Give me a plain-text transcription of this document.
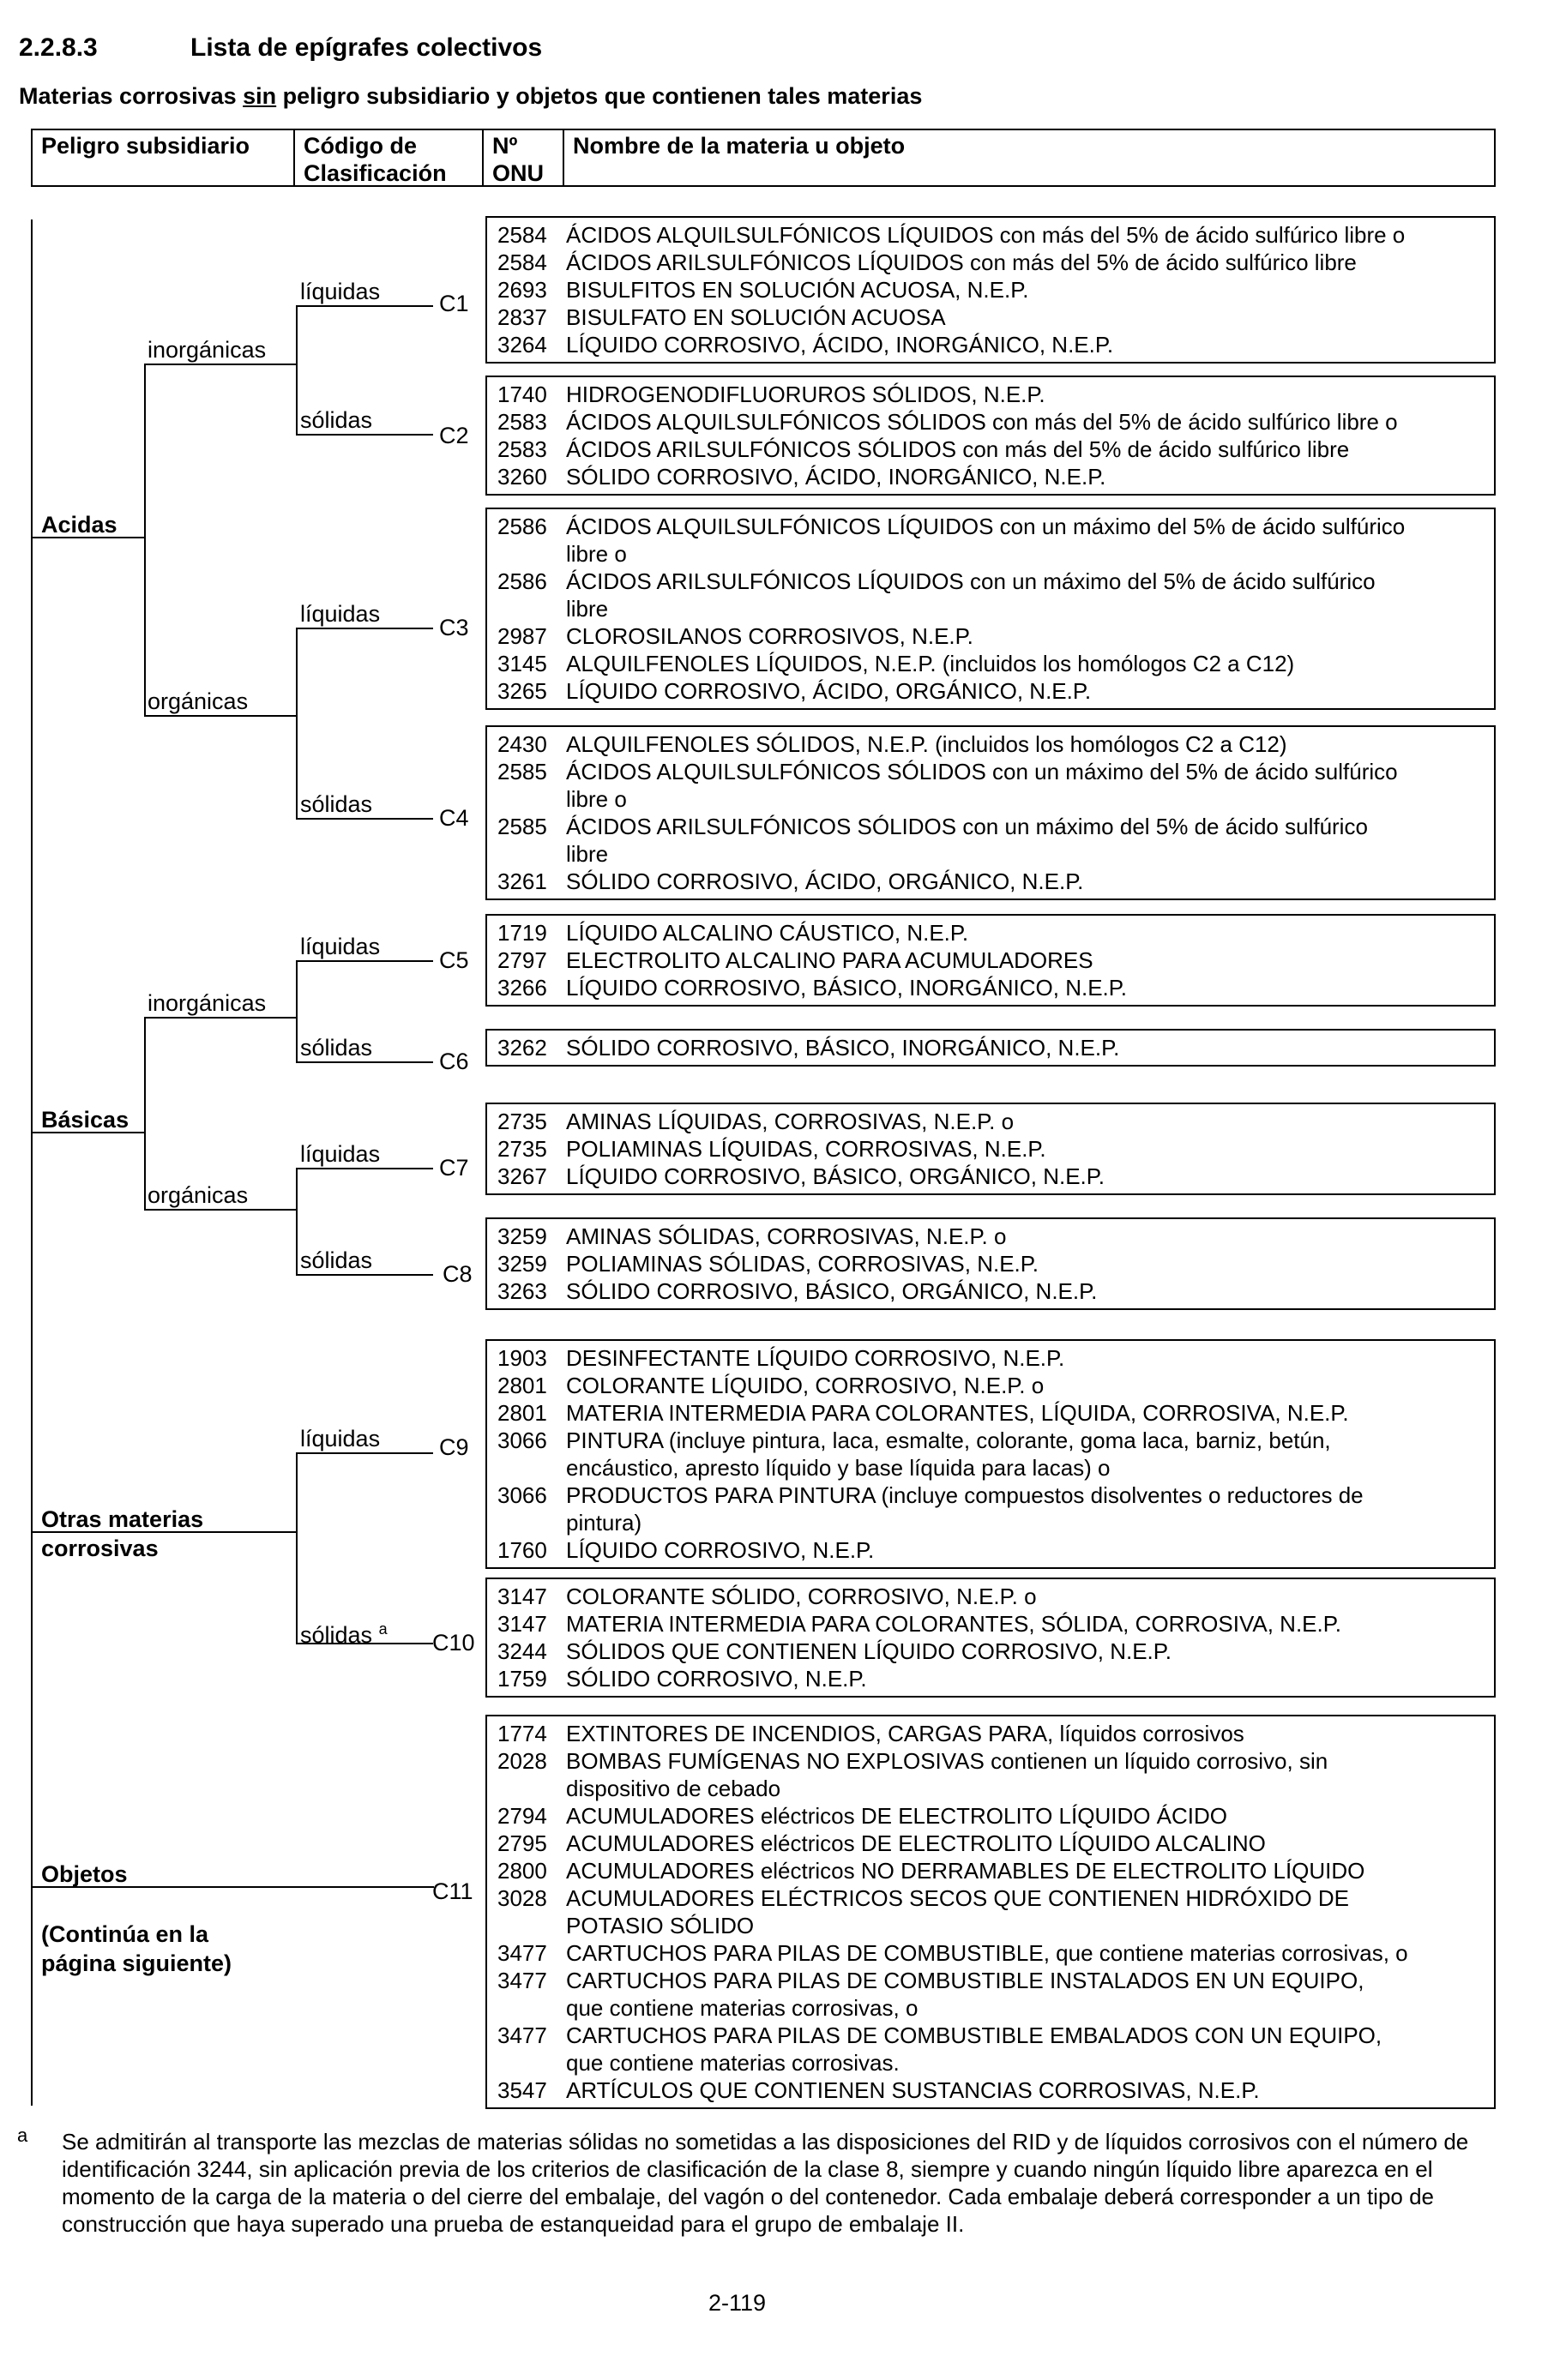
2.2.8.3	Lista de epígrafes colectivos
Materias corrosivas sin peligro subsidiario y objetos que contienen tales materias
Peligro subsidiario	Código de
Clasificación
Nº
ONU
Nombre de la materia u objeto
Acidas
Básicas
Otras materias
corrosivas
Objetos
(Continúa en la
página siguiente)
inorgánicas
orgánicas
inorgánicas
orgánicas
líquidas
sólidas
líquidas
sólidas
líquidas
sólidas
líquidas
sólidas
líquidas
sólidas $^a$
C1
C2
C3
C4
C5
C6
C7
C8
C9
C10
C11
2584 ÁCIDOS ALQUILSULFÓNICOS LÍQUIDOS con más del 5% de ácido sulfúrico libre o
2584 ÁCIDOS ARILSULFÓNICOS LÍQUIDOS con más del 5% de ácido sulfúrico libre
2693 BISULFITOS EN SOLUCIÓN ACUOSA, N.E.P.
2837 BISULFATO EN SOLUCIÓN ACUOSA
3264 LÍQUIDO CORROSIVO, ÁCIDO, INORGÁNICO, N.E.P.
1740 HIDROGENODIFLUORUROS SÓLIDOS, N.E.P.
2583 ÁCIDOS ALQUILSULFÓNICOS SÓLIDOS con más del 5% de ácido sulfúrico libre o
2583 ÁCIDOS ARILSULFÓNICOS SÓLIDOS con más del 5% de ácido sulfúrico libre
3260 SÓLIDO CORROSIVO, ÁCIDO, INORGÁNICO, N.E.P.
2586 ÁCIDOS ALQUILSULFÓNICOS LÍQUIDOS con un máximo del 5% de ácido sulfúrico
libre o
2586 ÁCIDOS ARILSULFÓNICOS LÍQUIDOS con un máximo del 5% de ácido sulfúrico
libre
2987 CLOROSILANOS CORROSIVOS, N.E.P.
3145 ALQUILFENOLES LÍQUIDOS, N.E.P. (incluidos los homólogos C2 a C12)
3265 LÍQUIDO CORROSIVO, ÁCIDO, ORGÁNICO, N.E.P.
2430 ALQUILFENOLES SÓLIDOS, N.E.P. (incluidos los homólogos C2 a C12)
2585 ÁCIDOS ALQUILSULFÓNICOS SÓLIDOS con un máximo del 5% de ácido sulfúrico
libre o
2585 ÁCIDOS ARILSULFÓNICOS SÓLIDOS con un máximo del 5% de ácido sulfúrico
libre
3261 SÓLIDO CORROSIVO, ÁCIDO, ORGÁNICO, N.E.P.
1719 LÍQUIDO ALCALINO CÁUSTICO, N.E.P.
2797 ELECTROLITO ALCALINO PARA ACUMULADORES
3266 LÍQUIDO CORROSIVO, BÁSICO, INORGÁNICO, N.E.P.
3262 SÓLIDO CORROSIVO, BÁSICO, INORGÁNICO, N.E.P.
2735 AMINAS LÍQUIDAS, CORROSIVAS, N.E.P. o
2735 POLIAMINAS LÍQUIDAS, CORROSIVAS, N.E.P.
3267 LÍQUIDO CORROSIVO, BÁSICO, ORGÁNICO, N.E.P.
3259 AMINAS SÓLIDAS, CORROSIVAS, N.E.P. o
3259 POLIAMINAS SÓLIDAS, CORROSIVAS, N.E.P.
3263 SÓLIDO CORROSIVO, BÁSICO, ORGÁNICO, N.E.P.
1903 DESINFECTANTE LÍQUIDO CORROSIVO, N.E.P.
2801 COLORANTE LÍQUIDO, CORROSIVO, N.E.P. o
2801 MATERIA INTERMEDIA PARA COLORANTES, LÍQUIDA, CORROSIVA, N.E.P.
3066 PINTURA (incluye pintura, laca, esmalte, colorante, goma laca, barniz, betún,
encáustico, apresto líquido y base líquida para lacas) o
3066 PRODUCTOS PARA PINTURA (incluye compuestos disolventes o reductores de
pintura)
1760 LÍQUIDO CORROSIVO, N.E.P.
3147 COLORANTE SÓLIDO, CORROSIVO, N.E.P. o
3147 MATERIA INTERMEDIA PARA COLORANTES, SÓLIDA, CORROSIVA, N.E.P.
3244 SÓLIDOS QUE CONTIENEN LÍQUIDO CORROSIVO, N.E.P.
1759 SÓLIDO CORROSIVO, N.E.P.
1774 EXTINTORES DE INCENDIOS, CARGAS PARA, líquidos corrosivos
2028 BOMBAS FUMÍGENAS NO EXPLOSIVAS contienen un líquido corrosivo, sin
dispositivo de cebado
2794 ACUMULADORES eléctricos DE ELECTROLITO LÍQUIDO ÁCIDO
2795 ACUMULADORES eléctricos DE ELECTROLITO LÍQUIDO ALCALINO
2800 ACUMULADORES eléctricos NO DERRAMABLES DE ELECTROLITO LÍQUIDO
3028 ACUMULADORES ELÉCTRICOS SECOS QUE CONTIENEN HIDRÓXIDO DE
POTASIO SÓLIDO
3477 CARTUCHOS PARA PILAS DE COMBUSTIBLE, que contiene materias corrosivas, o
3477 CARTUCHOS PARA PILAS DE COMBUSTIBLE INSTALADOS EN UN EQUIPO,
que contiene materias corrosivas, o
3477 CARTUCHOS PARA PILAS DE COMBUSTIBLE EMBALADOS CON UN EQUIPO,
que contiene materias corrosivas.
3547 ARTÍCULOS QUE CONTIENEN SUSTANCIAS CORROSIVAS, N.E.P.
a Se admitirán al transporte las mezclas de materias sólidas no sometidas a las disposiciones del RID y de líquidos corrosivos con el número de identificación 3244, sin aplicación previa de los criterios de clasificación de la clase 8, siempre y cuando ningún líquido libre aparezca en el momento de la carga de la materia o del cierre del embalaje, del vagón o del contenedor. Cada embalaje deberá corresponder a un tipo de construcción que haya superado una prueba de estanqueidad para el grupo de embalaje II.
2-119
